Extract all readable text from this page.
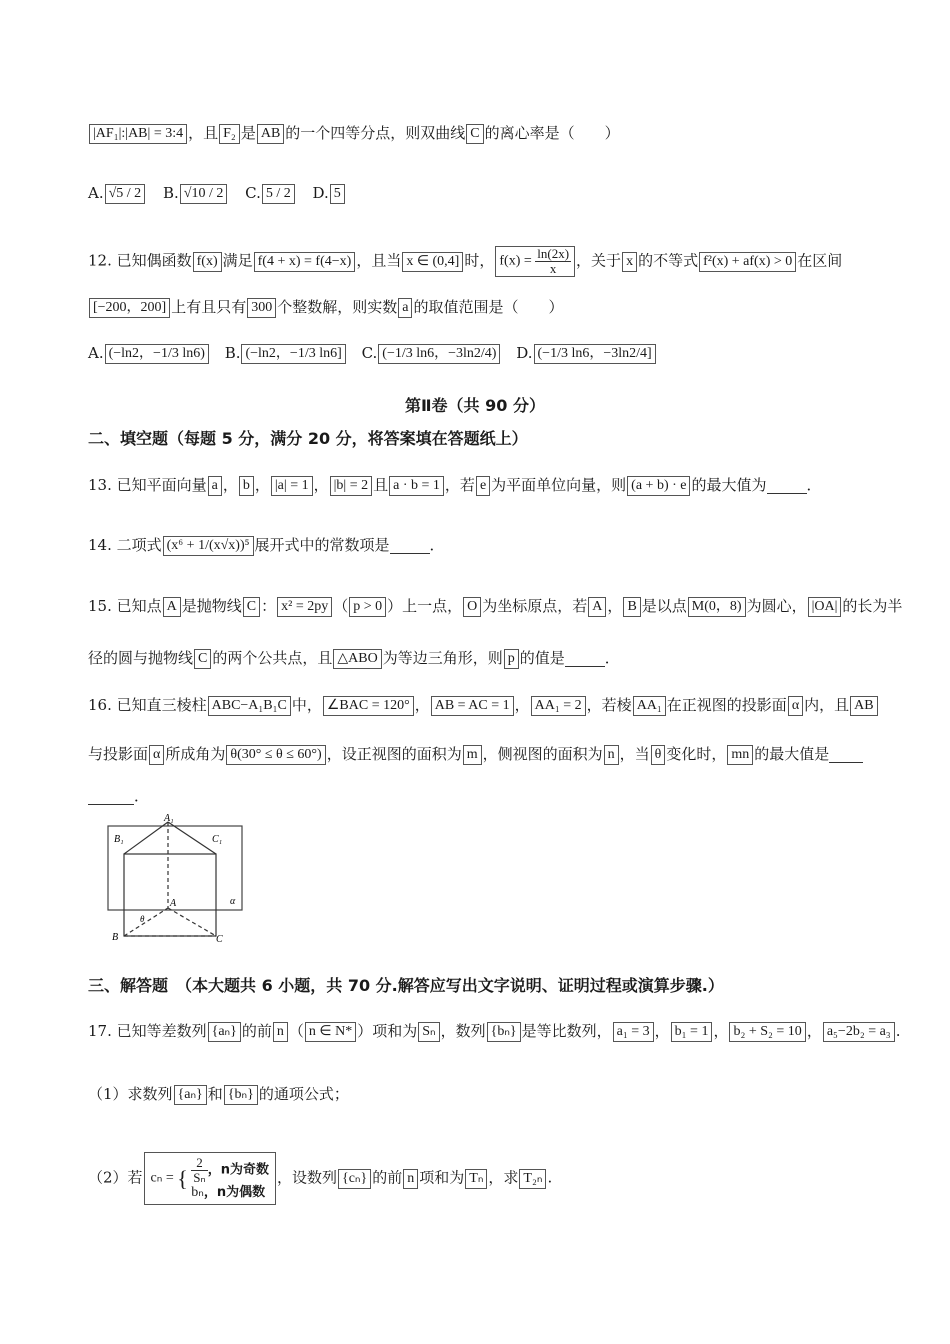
|AF₁|:|AB| = 3:4 ，且 F₂ 是 AB 的一个四等分点，则双曲线 C 的离心率是（　　）
A. √5 / 2 B. √10 / 2 C. 5 / 2 D. 5
12. 已知偶函数 f(x) 满足 f(4 + x) = f(4−x) ，且当 x ∈ (0,4] 时， $f(x) = \frac{\ln(2x)}{x}$ ，关于 x 的不等式 f²(x) + af(x) > 0 在区间
[−200，200] 上有且只有 300 个整数解，则实数 a 的取值范围是（　　）
A. (−ln2，−1/3 ln6) B. (−ln2，−1/3 ln6] C. (−1/3 ln6，−3ln2/4) D. (−1/3 ln6，−3ln2/4]
第Ⅱ卷（共 90 分）
二、填空题（每题 5 分，满分 20 分，将答案填在答题纸上）
13. 已知平面向量 a ， b ， |a| = 1 ， |b| = 2 且 a · b = 1 ，若 e 为平面单位向量，则 (a + b) · e 的最大值为	．
14. 二项式 (x⁶ + 1/(x√x))⁵ 展开式中的常数项是	．
15. 已知点 A 是抛物线 C ： x² = 2py （ p > 0 ）上一点， O 为坐标原点，若 A ， B 是以点 M(0，8) 为圆心， |OA| 的长为半
径的圆与抛物线 C 的两个公共点，且 △ABO 为等边三角形，则 p 的值是	．
16. 已知直三棱柱 ABC−A₁B₁C 中， ∠BAC = 120° ， AB = AC = 1 ， AA₁ = 2 ，若棱 AA₁ 在正视图的投影面 α 内，且 AB
与投影面 α 所成角为 θ(30° ≤ θ ≤ 60°) ，设正视图的面积为 m ，侧视图的面积为 n ，当 θ 变化时， mn 的最大值是
．
A₁
B₁	C₁
A
B	C
α
θ
三、解答题　（本大题共 6 小题，共 70 分.解答应写出文字说明、证明过程或演算步骤.）
17. 已知等差数列 {aₙ} 的前 n （ n ∈ N* ）项和为 Sₙ ，数列 {bₙ} 是等比数列， a₁ = 3 ， b₁ = 1 ， b₂ + S₂ = 10 ， a₅−2b₂ = a₃ .
（1）求数列 {aₙ} 和 {bₙ} 的通项公式；
（2）若 cₙ = { $\frac{2}{\text{Sₙ}}$ ，n为奇数
bₙ，n为偶数
，设数列 {cₙ} 的前 n 项和为 Tₙ ，求 T₂ₙ .
